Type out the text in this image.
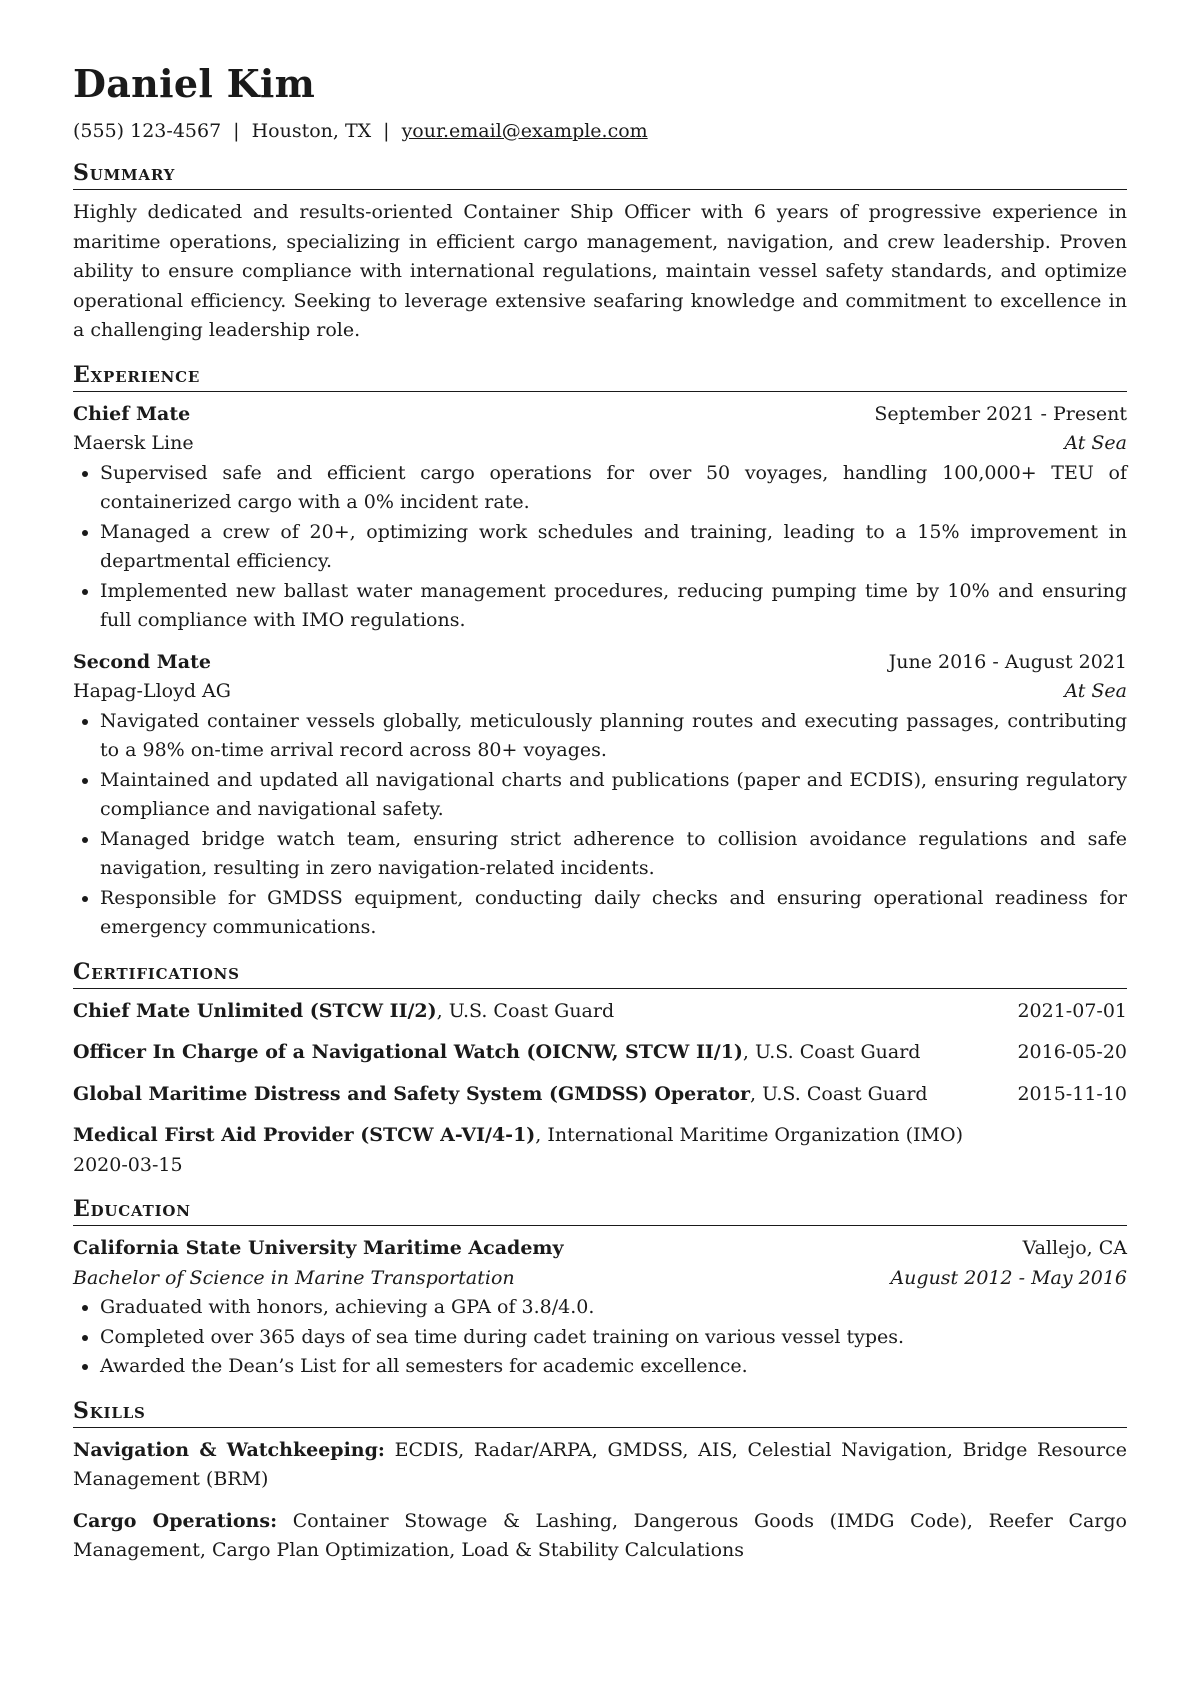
Daniel Kim
(555) 123-4567 | Houston, TX | your.email@example.com
Summary
Highly dedicated and results-oriented Container Ship Officer with 6 years of progressive experience in maritime operations, specializing in efficient cargo management, navigation, and crew leadership. Proven ability to ensure compliance with international regulations, maintain vessel safety standards, and optimize operational efficiency. Seeking to leverage extensive seafaring knowledge and commitment to excellence in a challenging leadership role.
Experience
Chief Mate	September 2021 - Present
Maersk Line	At Sea
• Supervised safe and efficient cargo operations for over 50 voyages, handling 100,000+ TEU of containerized cargo with a 0% incident rate.
• Managed a crew of 20+, optimizing work schedules and training, leading to a 15% improvement in departmental efficiency.
• Implemented new ballast water management procedures, reducing pumping time by 10% and ensuring full compliance with IMO regulations.
Second Mate	June 2016 - August 2021
Hapag-Lloyd AG	At Sea
• Navigated container vessels globally, meticulously planning routes and executing passages, contributing to a 98% on-time arrival record across 80+ voyages.
• Maintained and updated all navigational charts and publications (paper and ECDIS), ensuring regulatory compliance and navigational safety.
• Managed bridge watch team, ensuring strict adherence to collision avoidance regulations and safe navigation, resulting in zero navigation-related incidents.
• Responsible for GMDSS equipment, conducting daily checks and ensuring operational readiness for emergency communications.
Certifications
Chief Mate Unlimited (STCW II/2), U.S. Coast Guard	2021-07-01
Officer In Charge of a Navigational Watch (OICNW, STCW II/1), U.S. Coast Guard	2016-05-20
Global Maritime Distress and Safety System (GMDSS) Operator, U.S. Coast Guard	2015-11-10
Medical First Aid Provider (STCW A-VI/4-1), International Maritime Organization (IMO)
2020-03-15
Education
California State University Maritime Academy	Vallejo, CA
Bachelor of Science in Marine Transportation	August 2012 - May 2016
• Graduated with honors, achieving a GPA of 3.8/4.0.
• Completed over 365 days of sea time during cadet training on various vessel types.
• Awarded the Dean’s List for all semesters for academic excellence.
Skills
Navigation & Watchkeeping: ECDIS, Radar/ARPA, GMDSS, AIS, Celestial Navigation, Bridge Resource Management (BRM)
Cargo Operations: Container Stowage & Lashing, Dangerous Goods (IMDG Code), Reefer Cargo Management, Cargo Plan Optimization, Load & Stability Calculations
